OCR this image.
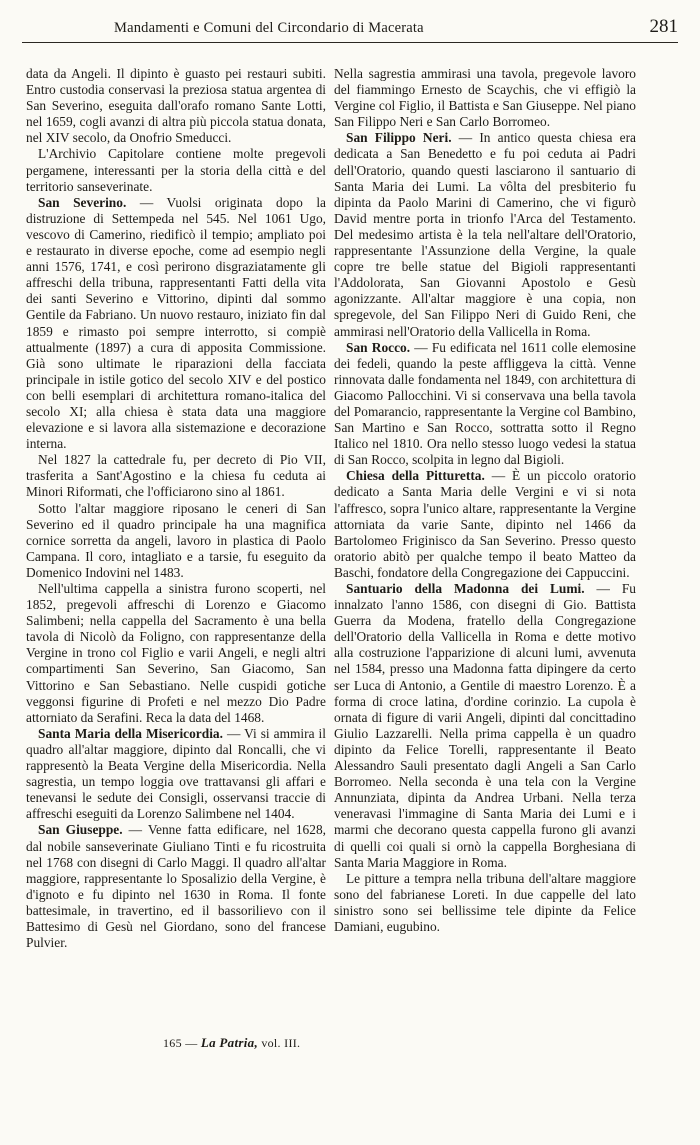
Mandamenti e Comuni del Circondario di Macerata	281

data da Angeli. Il dipinto è guasto pei restauri subiti. Entro custodia conservasi la preziosa statua argentea di San Severino, eseguita dall'orafo romano Sante Lotti, nel 1659, cogli avanzi di altra più piccola statua donata, nel XIV secolo, da Onofrio Smeducci.

L'Archivio Capitolare contiene molte pregevoli pergamene, interessanti per la storia della città e del territorio sanseverinate.

San Severino. — Vuolsi originata dopo la distruzione di Settempeda nel 545. Nel 1061 Ugo, vescovo di Camerino, riedificò il tempio; ampliato poi e restaurato in diverse epoche, come ad esempio negli anni 1576, 1741, e così perirono disgraziatamente gli affreschi della tribuna, rappresentanti Fatti della vita dei santi Severino e Vittorino, dipinti dal sommo Gentile da Fabriano. Un nuovo restauro, iniziato fin dal 1859 e rimasto poi sempre interrotto, si compiè attualmente (1897) a cura di apposita Commissione. Già sono ultimate le riparazioni della facciata principale in istile gotico del secolo XIV e del postico con belli esemplari di architettura romano-italica del secolo XI; alla chiesa è stata data una maggiore elevazione e si lavora alla sistemazione e decorazione interna.

Nel 1827 la cattedrale fu, per decreto di Pio VII, trasferita a Sant'Agostino e la chiesa fu ceduta ai Minori Riformati, che l'officiarono sino al 1861.

Sotto l'altar maggiore riposano le ceneri di San Severino ed il quadro principale ha una magnifica cornice sorretta da angeli, lavoro in plastica di Paolo Campana. Il coro, intagliato e a tarsie, fu eseguito da Domenico Indovini nel 1483.

Nell'ultima cappella a sinistra furono scoperti, nel 1852, pregevoli affreschi di Lorenzo e Giacomo Salimbeni; nella cappella del Sacramento è una bella tavola di Nicolò da Foligno, con rappresentanze della Vergine in trono col Figlio e varii Angeli, e negli altri compartimenti San Severino, San Giacomo, San Vittorino e San Sebastiano. Nelle cuspidi gotiche veggonsi figurine di Profeti e nel mezzo Dio Padre attorniato da Serafini. Reca la data del 1468.

Santa Maria della Misericordia. — Vi si ammira il quadro all'altar maggiore, dipinto dal Roncalli, che vi rappresentò la Beata Vergine della Misericordia. Nella sagrestia, un tempo loggia ove trattavansi gli affari e tenevansi le sedute dei Consigli, osservansi traccie di affreschi eseguiti da Lorenzo Salimbene nel 1404.

San Giuseppe. — Venne fatta edificare, nel 1628, dal nobile sanseverinate Giuliano Tinti e fu ricostruita nel 1768 con disegni di Carlo Maggi. Il quadro all'altar maggiore, rappresentante lo Sposalizio della Vergine, è d'ignoto e fu dipinto nel 1630 in Roma. Il fonte battesimale, in travertino, ed il bassorilievo con il Battesimo di Gesù nel Giordano, sono del francese Pulvier.

Nella sagrestia ammirasi una tavola, pregevole lavoro del fiammingo Ernesto de Scaychis, che vi effigiò la Vergine col Figlio, il Battista e San Giuseppe. Nel piano San Filippo Neri e San Carlo Borromeo.

San Filippo Neri. — In antico questa chiesa era dedicata a San Benedetto e fu poi ceduta ai Padri dell'Oratorio, quando questi lasciarono il santuario di Santa Maria dei Lumi. La vôlta del presbiterio fu dipinta da Paolo Marini di Camerino, che vi figurò David mentre porta in trionfo l'Arca del Testamento. Del medesimo artista è la tela nell'altare dell'Oratorio, rappresentante l'Assunzione della Vergine, la quale copre tre belle statue del Bigioli rappresentanti l'Addolorata, San Giovanni Apostolo e Gesù agonizzante. All'altar maggiore è una copia, non spregevole, del San Filippo Neri di Guido Reni, che ammirasi nell'Oratorio della Vallicella in Roma.

San Rocco. — Fu edificata nel 1611 colle elemosine dei fedeli, quando la peste affliggeva la città. Venne rinnovata dalle fondamenta nel 1849, con architettura di Giacomo Pallocchini. Vi si conservava una bella tavola del Pomarancio, rappresentante la Vergine col Bambino, San Martino e San Rocco, sottratta sotto il Regno Italico nel 1810. Ora nello stesso luogo vedesi la statua di San Rocco, scolpita in legno dal Bigioli.

Chiesa della Pitturetta. — È un piccolo oratorio dedicato a Santa Maria delle Vergini e vi si nota l'affresco, sopra l'unico altare, rappresentante la Vergine attorniata da varie Sante, dipinto nel 1466 da Bartolomeo Friginisco da San Severino. Presso questo oratorio abitò per qualche tempo il beato Matteo da Baschi, fondatore della Congregazione dei Cappuccini.

Santuario della Madonna dei Lumi. — Fu innalzato l'anno 1586, con disegni di Gio. Battista Guerra da Modena, fratello della Congregazione dell'Oratorio della Vallicella in Roma e dette motivo alla costruzione l'apparizione di alcuni lumi, avvenuta nel 1584, presso una Madonna fatta dipingere da certo ser Luca di Antonio, a Gentile di maestro Lorenzo. È a forma di croce latina, d'ordine corinzio. La cupola è ornata di figure di varii Angeli, dipinti dal concittadino Giulio Lazzarelli. Nella prima cappella è un quadro dipinto da Felice Torelli, rappresentante il Beato Alessandro Sauli presentato dagli Angeli a San Carlo Borromeo. Nella seconda è una tela con la Vergine Annunziata, dipinta da Andrea Urbani. Nella terza veneravasi l'immagine di Santa Maria dei Lumi e i marmi che decorano questa cappella furono gli avanzi di quelli coi quali si ornò la cappella Borghesiana di Santa Maria Maggiore in Roma.

Le pitture a tempra nella tribuna dell'altare maggiore sono del fabrianese Loreti. In due cappelle del lato sinistro sono sei bellissime tele dipinte da Felice Damiani, eugubino.

165 — La Patria, vol. III.
